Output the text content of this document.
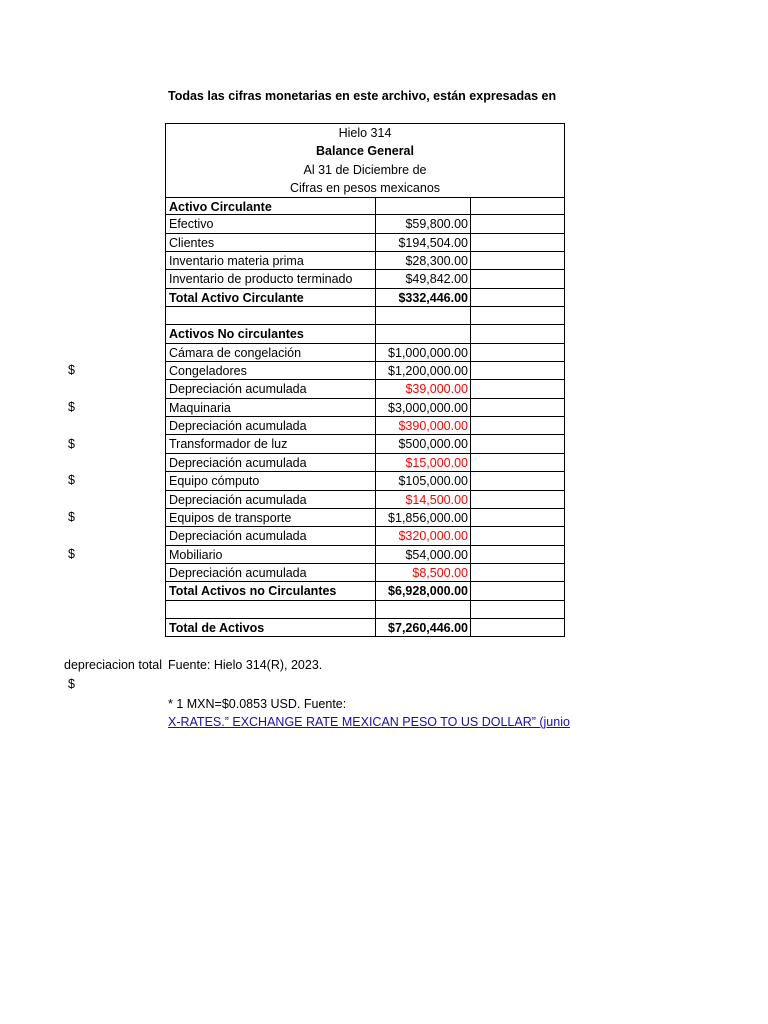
Todas las cifras monetarias en este archivo, están expresadas en
Hielo 314
Balance General
Al 31 de Diciembre de
Cifras en pesos mexicanos
Activo Circulante
Efectivo	$59,800.00
Clientes	$194,504.00
Inventario materia prima	$28,300.00
Inventario de producto terminado	$49,842.00
Total Activo Circulante	$332,446.00
Activos No circulantes
Cámara de congelación	$1,000,000.00
Congeladores	$1,200,000.00
Depreciación acumulada	$39,000.00
Maquinaria	$3,000,000.00
Depreciación acumulada	$390,000.00
Transformador de luz	$500,000.00
Depreciación acumulada	$15,000.00
Equipo cómputo	$105,000.00
Depreciación acumulada	$14,500.00
Equipos de transporte	$1,856,000.00
Depreciación acumulada	$320,000.00
Mobiliario	$54,000.00
Depreciación acumulada	$8,500.00
Total Activos no Circulantes	$6,928,000.00
Total de Activos	$7,260,446.00
$
$
$
$
$
$
depreciacion total
$
Fuente: Hielo 314(R), 2023.
* 1 MXN=$0.0853 USD. Fuente:
X-RATES.” EXCHANGE RATE MEXICAN PESO TO US DOLLAR” (junio
